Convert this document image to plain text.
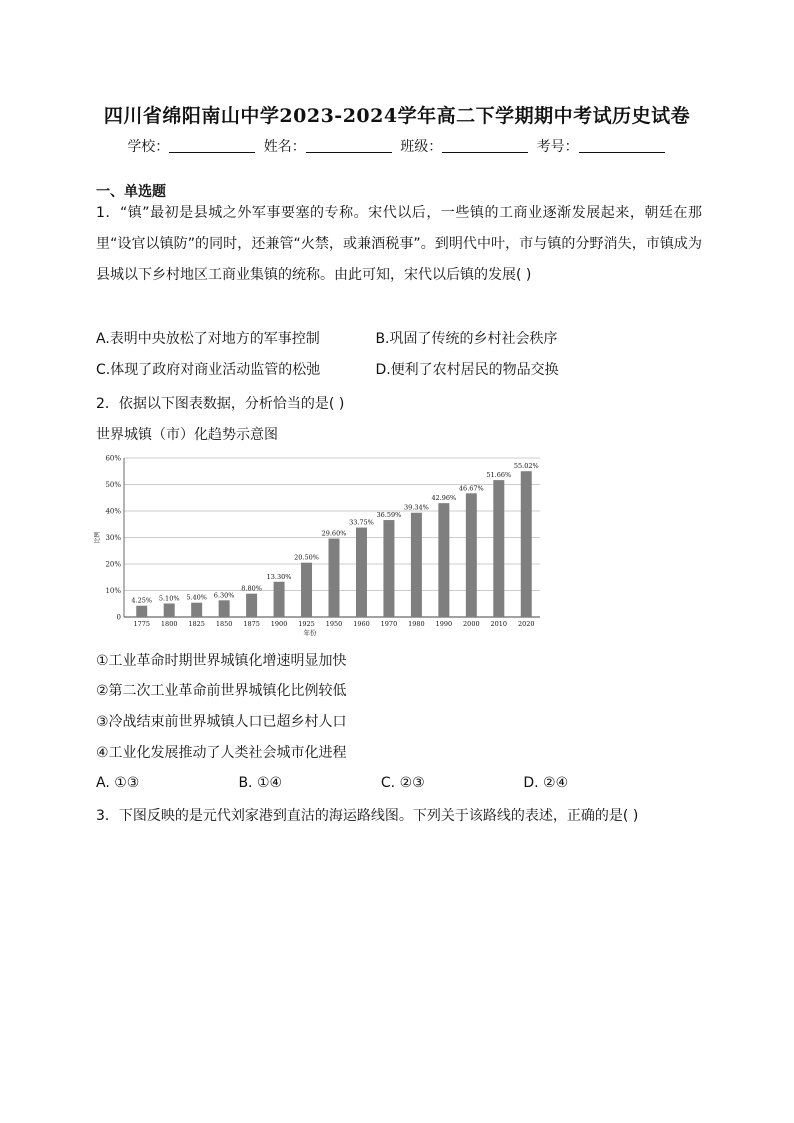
四川省绵阳南山中学2023-2024学年高二下学期期中考试历史试卷
学校：	姓名：	班级：	考号：
一、单选题
1．“镇”最初是县城之外军事要塞的专称。宋代以后，一些镇的工商业逐渐发展起来，朝廷在那里“设官以镇防”的同时，还兼管“火禁，或兼酒税事”。到明代中叶，市与镇的分野消失，市镇成为县城以下乡村地区工商业集镇的统称。由此可知，宋代以后镇的发展( )
A.表明中央放松了对地方的军事控制	B.巩固了传统的乡村社会秩序
C.体现了政府对商业活动监管的松弛	D.便利了农村居民的物品交换
2．依据以下图表数据，分析恰当的是( )
世界城镇（市）化趋势示意图
0
10%
20%
30%
40%
50%
60%
比例
4.25%
1775
5.10%
1800
5.40%
1825
6.30%
1850
8.80%
1875
13.30%
1900
20.50%
1925
29.60%
1950
33.75%
1960
36.59%
1970
39.34%
1980
42.96%
1990
46.67%
2000
51.66%
2010
55.02%
2020
年份
①工业革命时期世界城镇化增速明显加快
②第二次工业革命前世界城镇化比例较低
③冷战结束前世界城镇人口已超乡村人口
④工业化发展推动了人类社会城市化进程
A. ①③	B. ①④	C. ②③	D. ②④
3．下图反映的是元代刘家港到直沽的海运路线图。下列关于该路线的表述，正确的是( )
